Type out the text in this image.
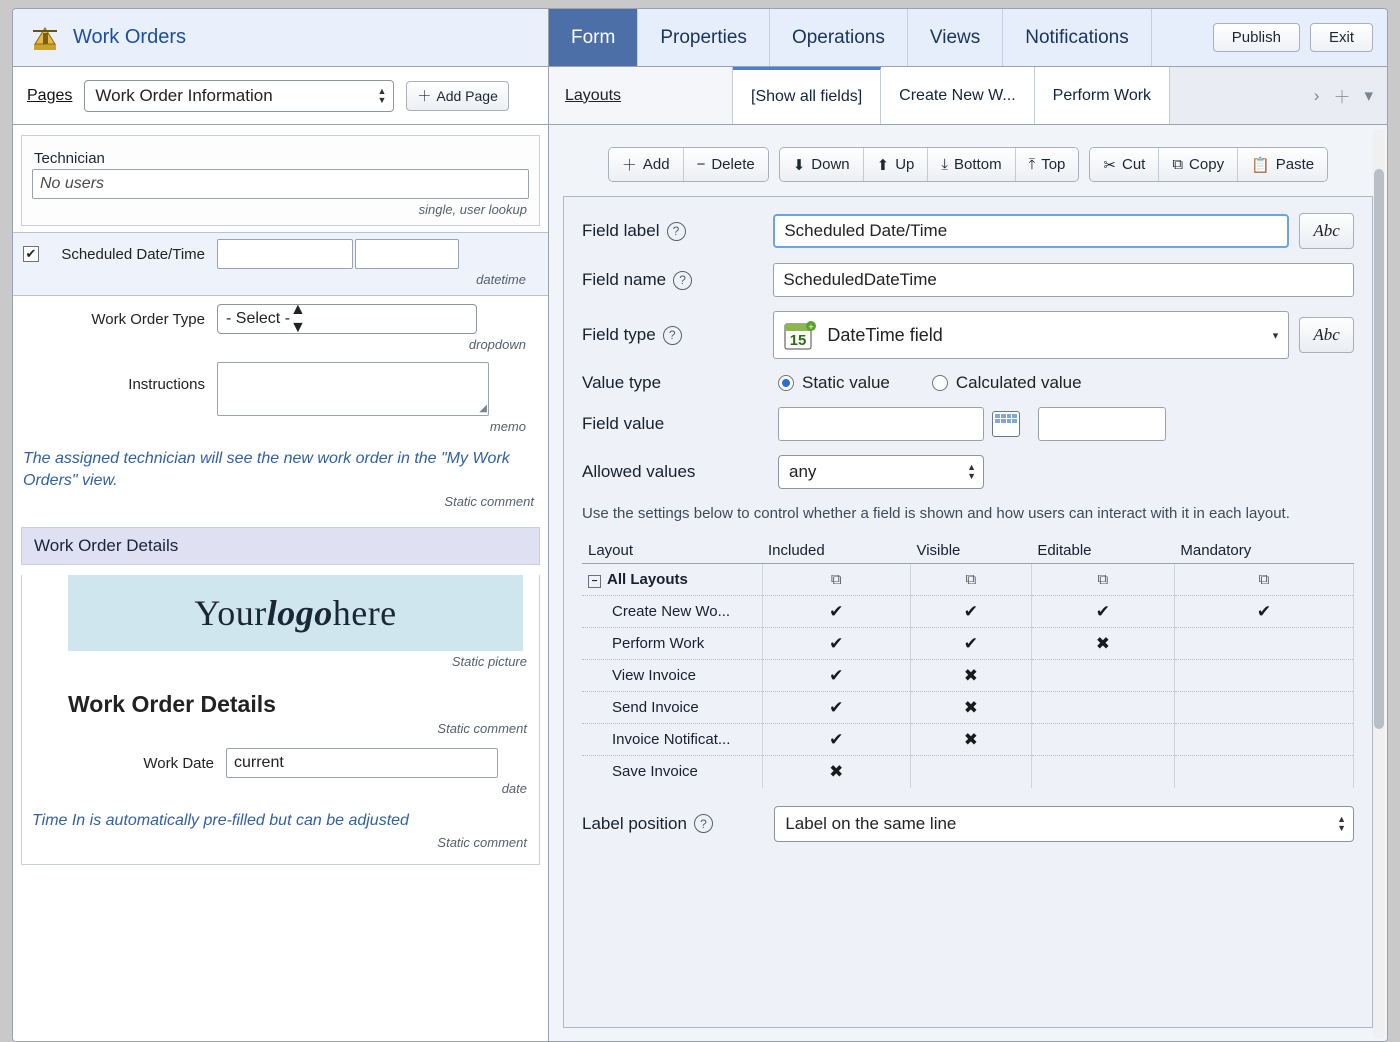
Work Orders	Form Properties Operations Views Notifications	Publish	Exit
Pages Work Order Information	▲
▼ ＋ Add Page	Layouts	[Show all fields] Create New W... Perform Work	› ＋ ▾
Technician
No users
single, user lookup
✔	Scheduled Date/Time
datetime
Work Order Type	- Select -
▲
▼
dropdown
Instructions
◢
memo
The assigned technician will see the new work order in the "My Work Orders" view.
Static comment
Work Order Details
Your logo here
Static picture
Work Order Details
Static comment
Work Date	current
date
Time In is automatically pre-filled but can be adjusted
Static comment
＋ Add − Delete	⬇ Down ⬆ Up ⤓ Bottom ⤒ Top	✂ Cut ⧉ Copy 📋 Paste
Field label	?	Scheduled Date/Time	Abc
Field name	?	ScheduledDateTime
Field type	?	15
+ DateTime field	▾	Abc
Value type	Static value	Calculated value
Field value
Allowed values	any	▲
▼
Use the settings below to control whether a field is shown and how users can interact with it in each layout.
Layout	Included	Visible	Editable	Mandatory
− All Layouts	⧉	⧉	⧉	⧉
Create New Wo...	✔	✔	✔	✔
Perform Work	✔	✔	✖	
View Invoice	✔	✖		
Send Invoice	✔	✖		
Invoice Notificat...	✔	✖		
Save Invoice	✖			
Label position	?	Label on the same line	▲
▼
